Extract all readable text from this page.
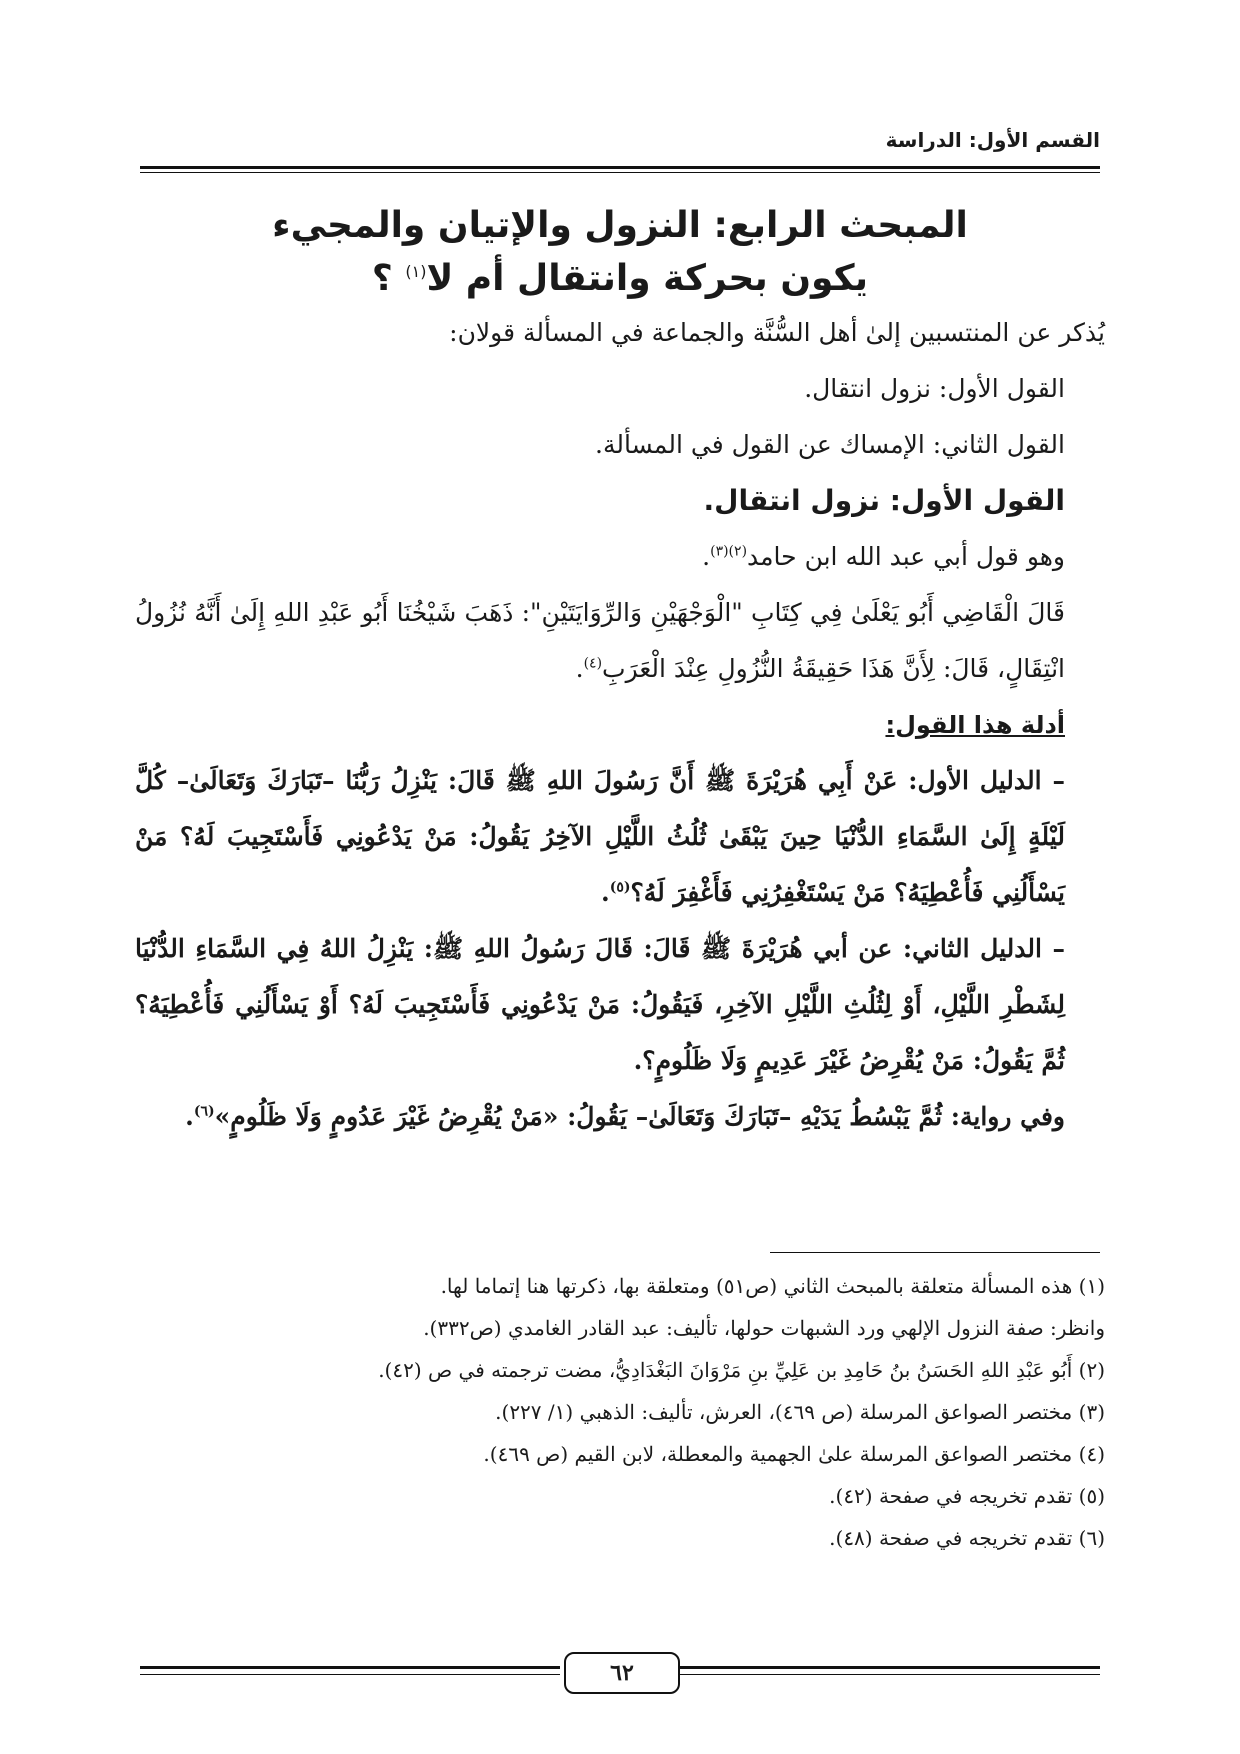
القسم الأول: الدراسة
المبحث الرابع: النزول والإتيان والمجيء
يكون بحركة وانتقال أم لا$^{(١)}$ ؟

يُذكر عن المنتسبين إلىٰ أهل السُّنَّة والجماعة في المسألة قولان:

القول الأول: نزول انتقال.

القول الثاني: الإمساك عن القول في المسألة.

القول الأول: نزول انتقال.

وهو قول أبي عبد الله ابن حامد$^{(٢)(٣)}$.

قَالَ الْقَاضِي أَبُو يَعْلَىٰ فِي كِتَابِ "الْوَجْهَيْنِ وَالرِّوَايَتَيْنِ": ذَهَبَ شَيْخُنَا أَبُو عَبْدِ اللهِ إِلَىٰ أَنَّهُ نُزُولُ انْتِقَالٍ، قَالَ: لِأَنَّ هَذَا حَقِيقَةُ النُّزُولِ عِنْدَ الْعَرَبِ$^{(٤)}$.

أدلة هذا القول:

– الدليل الأول: عَنْ أَبِي هُرَيْرَةَ ﷺ أَنَّ رَسُولَ اللهِ ﷺ قَالَ: يَنْزِلُ رَبُّنَا –تَبَارَكَ وَتَعَالَىٰ– كُلَّ لَيْلَةٍ إِلَىٰ السَّمَاءِ الدُّنْيَا حِينَ يَبْقَىٰ ثُلُثُ اللَّيْلِ الآخِرُ يَقُولُ: مَنْ يَدْعُونِي فَأَسْتَجِيبَ لَهُ؟ مَنْ يَسْأَلُنِي فَأُعْطِيَهُ؟ مَنْ يَسْتَغْفِرُنِي فَأَغْفِرَ لَهُ؟$^{(٥)}$.

– الدليل الثاني: عن أبي هُرَيْرَةَ ﷺ قَالَ: قَالَ رَسُولُ اللهِ ﷺ: يَنْزِلُ اللهُ فِي السَّمَاءِ الدُّنْيَا لِشَطْرِ اللَّيْلِ، أَوْ لِثُلُثِ اللَّيْلِ الآخِرِ، فَيَقُولُ: مَنْ يَدْعُونِي فَأَسْتَجِيبَ لَهُ؟ أَوْ يَسْأَلُنِي فَأُعْطِيَهُ؟ ثُمَّ يَقُولُ: مَنْ يُقْرِضُ غَيْرَ عَدِيمٍ وَلَا ظَلُومٍ؟.

وفي رواية: ثُمَّ يَبْسُطُ يَدَيْهِ –تَبَارَكَ وَتَعَالَىٰ– يَقُولُ: «مَنْ يُقْرِضُ غَيْرَ عَدُومٍ وَلَا ظَلُومٍ»$^{(٦)}$.

(١) هذه المسألة متعلقة بالمبحث الثاني (ص٥١) ومتعلقة بها، ذكرتها هنا إتماما لها.

وانظر: صفة النزول الإلهي ورد الشبهات حولها، تأليف: عبد القادر الغامدي (ص٣٣٢).

(٢) أَبُو عَبْدِ اللهِ الحَسَنُ بنُ حَامِدِ بن عَلِيِّ بنِ مَرْوَانَ البَغْدَادِيُّ، مضت ترجمته في ص (٤٢).

(٣) مختصر الصواعق المرسلة (ص ٤٦٩)، العرش، تأليف: الذهبي (١/ ٢٢٧).

(٤) مختصر الصواعق المرسلة علىٰ الجهمية والمعطلة، لابن القيم (ص ٤٦٩).

(٥) تقدم تخريجه في صفحة (٤٢).

(٦) تقدم تخريجه في صفحة (٤٨).

٦٢
